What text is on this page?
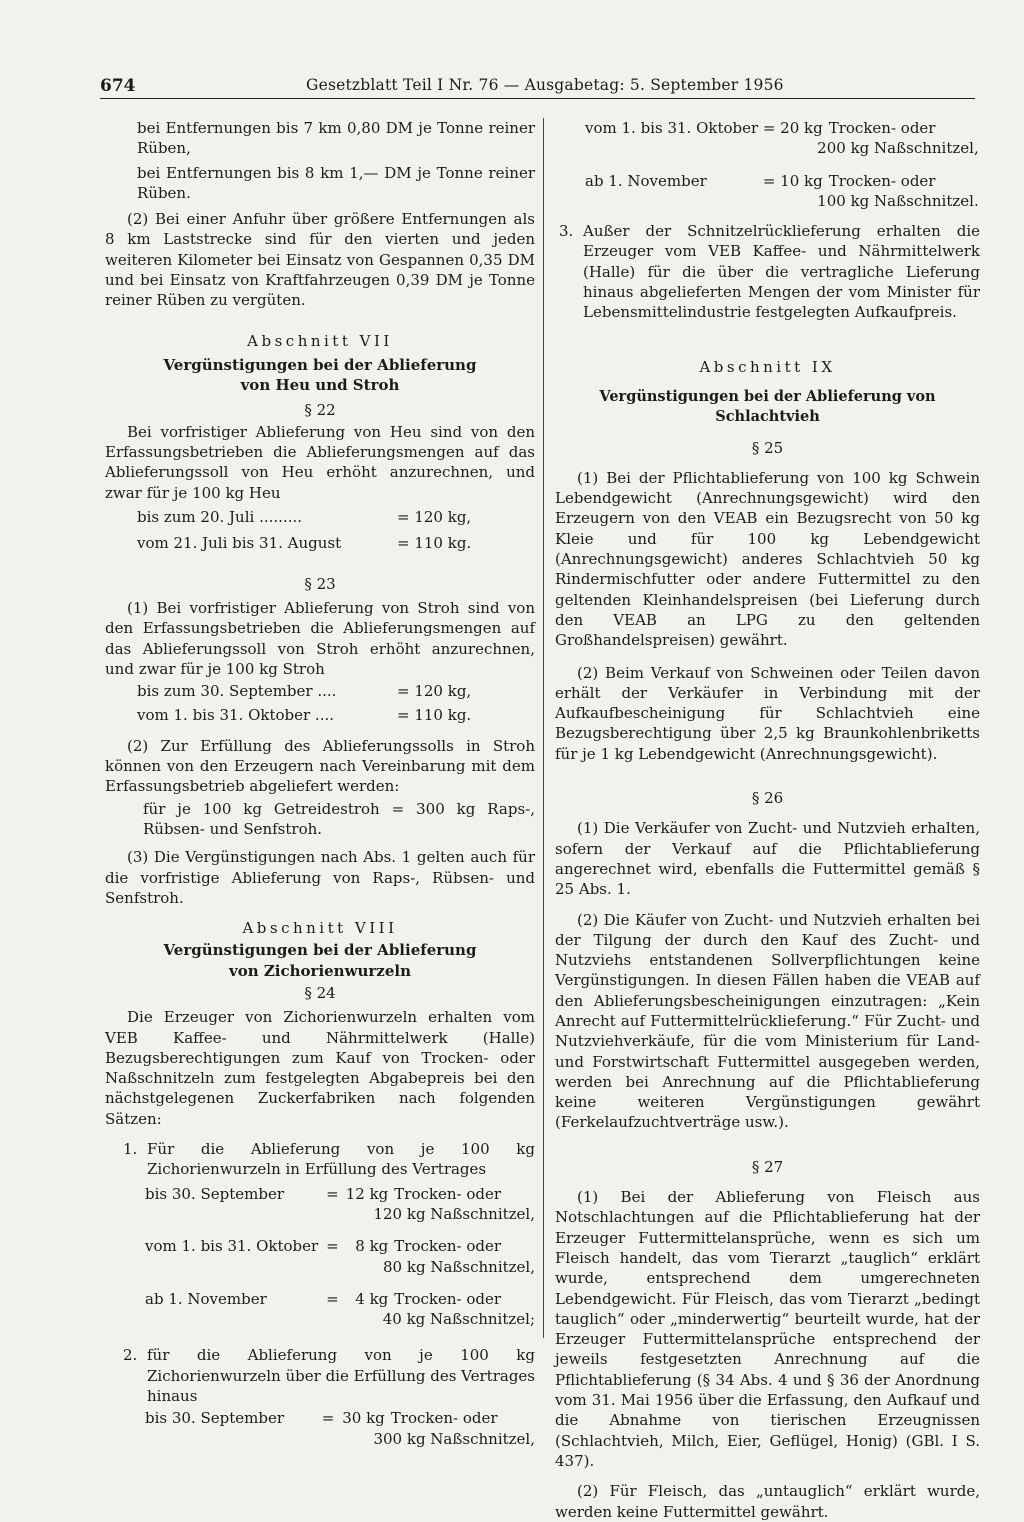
674	Gesetzblatt Teil I Nr. 76 — Ausgabetag: 5. September 1956

bei Entfernungen bis 7 km 0,80 DM je Tonne reiner Rüben,

bei Entfernungen bis 8 km 1,— DM je Tonne reiner Rüben.

(2) Bei einer Anfuhr über größere Entfernungen als 8 km Laststrecke sind für den vierten und jeden weiteren Kilometer bei Einsatz von Gespannen 0,35 DM und bei Einsatz von Kraftfahrzeugen 0,39 DM je Tonne reiner Rüben zu vergüten.

Abschnitt VII

Vergünstigungen bei der Ablieferung

von Heu und Stroh

§ 22

Bei vorfristiger Ablieferung von Heu sind von den Erfassungsbetrieben die Ablieferungsmengen auf das Ablieferungssoll von Heu erhöht anzurechnen, und zwar für je 100 kg Heu

bis zum 20. Juli .........	= 120 kg,

vom 21. Juli bis 31. August	= 110 kg.

§ 23

(1) Bei vorfristiger Ablieferung von Stroh sind von den Erfassungsbetrieben die Ablieferungsmengen auf das Ablieferungssoll von Stroh erhöht anzurechnen, und zwar für je 100 kg Stroh

bis zum 30. September ....	= 120 kg,

vom 1. bis 31. Oktober ....	= 110 kg.

(2) Zur Erfüllung des Ablieferungssolls in Stroh können von den Erzeugern nach Vereinbarung mit dem Erfassungsbetrieb abgeliefert werden:

für je 100 kg Getreidestroh = 300 kg Raps-, Rübsen- und Senfstroh.

(3) Die Vergünstigungen nach Abs. 1 gelten auch für die vorfristige Ablieferung von Raps-, Rübsen- und Senfstroh.

Abschnitt VIII

Vergünstigungen bei der Ablieferung

von Zichorienwurzeln

§ 24

Die Erzeuger von Zichorienwurzeln erhalten vom VEB Kaffee- und Nährmittelwerk (Halle) Bezugsberechtigungen zum Kauf von Trocken- oder Naßschnitzeln zum festgelegten Abgabepreis bei den nächstgelegenen Zuckerfabriken nach folgenden Sätzen:

1. Für die Ablieferung von je 100 kg Zichorienwurzeln in Erfüllung des Vertrages
bis 30. September	=	12 kg	Trocken- oder
		120 kg Naßschnitzel,	

vom 1. bis 31. Oktober	=	8 kg	Trocken- oder
		80 kg Naßschnitzel,	

ab 1. November	=	4 kg	Trocken- oder
		40 kg Naßschnitzel;	
2. für die Ablieferung von je 100 kg Zichorienwurzeln über die Erfüllung des Vertrages hinaus
bis 30. September	=	30 kg	Trocken- oder
		300 kg Naßschnitzel,	
vom 1. bis 31. Oktober	=	20 kg	Trocken- oder
		200 kg Naßschnitzel,	

ab 1. November	=	10 kg	Trocken- oder
		100 kg Naßschnitzel.	
3. Außer der Schnitzelrücklieferung erhalten die Erzeuger vom VEB Kaffee- und Nährmittelwerk (Halle) für die über die vertragliche Lieferung hinaus abgelieferten Mengen der vom Minister für Lebensmittelindustrie festgelegten Aufkaufpreis.

Abschnitt IX

Vergünstigungen bei der Ablieferung von Schlachtvieh

§ 25

(1) Bei der Pflichtablieferung von 100 kg Schwein Lebendgewicht (Anrechnungsgewicht) wird den Erzeugern von den VEAB ein Bezugsrecht von 50 kg Kleie und für 100 kg Lebendgewicht (Anrechnungsgewicht) anderes Schlachtvieh 50 kg Rindermischfutter oder andere Futtermittel zu den geltenden Kleinhandelspreisen (bei Lieferung durch den VEAB an LPG zu den geltenden Großhandelspreisen) gewährt.

(2) Beim Verkauf von Schweinen oder Teilen davon erhält der Verkäufer in Verbindung mit der Aufkaufbescheinigung für Schlachtvieh eine Bezugsberechtigung über 2,5 kg Braunkohlenbriketts für je 1 kg Lebendgewicht (Anrechnungsgewicht).

§ 26

(1) Die Verkäufer von Zucht- und Nutzvieh erhalten, sofern der Verkauf auf die Pflichtablieferung angerechnet wird, ebenfalls die Futtermittel gemäß § 25 Abs. 1.

(2) Die Käufer von Zucht- und Nutzvieh erhalten bei der Tilgung der durch den Kauf des Zucht- und Nutzviehs entstandenen Sollverpflichtungen keine Vergünstigungen. In diesen Fällen haben die VEAB auf den Ablieferungsbescheinigungen einzutragen: „Kein Anrecht auf Futtermittelrücklieferung.“ Für Zucht- und Nutzviehverkäufe, für die vom Ministerium für Land- und Forstwirtschaft Futtermittel ausgegeben werden, werden bei Anrechnung auf die Pflichtablieferung keine weiteren Vergünstigungen gewährt (Ferkelaufzuchtverträge usw.).

§ 27

(1) Bei der Ablieferung von Fleisch aus Notschlachtungen auf die Pflichtablieferung hat der Erzeuger Futtermittelansprüche, wenn es sich um Fleisch handelt, das vom Tierarzt „tauglich“ erklärt wurde, entsprechend dem umgerechneten Lebendgewicht. Für Fleisch, das vom Tierarzt „bedingt tauglich“ oder „minderwertig“ beurteilt wurde, hat der Erzeuger Futtermittelansprüche entsprechend der jeweils festgesetzten Anrechnung auf die Pflichtablieferung (§ 34 Abs. 4 und § 36 der Anordnung vom 31. Mai 1956 über die Erfassung, den Aufkauf und die Abnahme von tierischen Erzeugnissen (Schlachtvieh, Milch, Eier, Geflügel, Honig) (GBl. I S. 437).

(2) Für Fleisch, das „untauglich“ erklärt wurde, werden keine Futtermittel gewährt.
